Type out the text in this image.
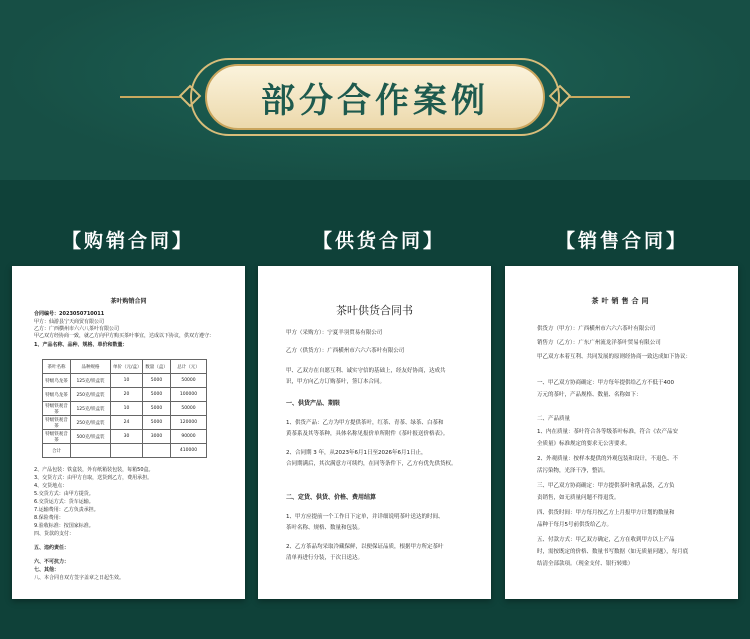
部分合作案例
【购销合同】	【供货合同】	【销售合同】
茶叶购销合同
合同编号：2023050710011
甲方：仙游县宁天商贸有限公司
乙方：广西横州市六六八茶叶有限公司
甲乙双方经协商一致，就乙方向甲方购买茶叶事宜，达成以下协议，供双方遵守：
1、产品名称、品种、规格、单价和数量：
茶叶名称	品种规格	单价（元/盒）	数量（盒）	总计（元）
特级乌龙茶	125克/铁盒装	10	5000	50000
特级乌龙茶	250克/铁盒装	20	5000	100000
特级铁观音茶	125克/铁盒装	10	5000	50000
特级铁观音茶	250克/铁盒装	24	5000	120000
特级铁观音茶	500克/铁盒装	30	3000	90000
合计				410000
2、产品包装：铁盒装，外有纸箱装包装，每箱50盒。
3、交货方式：由甲方自取，送货到乙方，费用承担。
4、交货地点：
5.交货方式：由甲方提货。
6.交货运方式：货车运输。
7.运输费用：乙方负责承担。
8.保险费用：
9.验收标准：按国家标准。
四、货款的支付：
五、违约责任：
六、不可抗力：
七、其他：
八、本合同自双方签字盖章之日起生效。
茶叶供货合同书
甲方（采购方）：宁夏羊羽贸易有限公司
乙方（供货方）：广西横州市六六六茶叶有限公司
甲、乙双方在自愿互利、诚实守信的基础上，经友好协商，达成共
识，甲方向乙方订购茶叶，签订本合同。
一、供货产品、期限
1、供货产品：乙方为甲方提供茶叶，红茶、青茶、绿茶、白茶和
黄茶系及其等茶种，具体名称见报价单所附件《茶叶报送价格表》。
2、合同期 3 年，从2023年6月1日至2026年6月1日止，
合同期满后，其次满意方可续约，在同等条件下，乙方有优先供货权。
二、定货、供货、价格、费用结算
1、甲方应提前一个工作日下定单，并详细说明茶叶送达的时间、
茶叶名称、规格、数量和包装。
2、乙方茶品均采取冷藏保鲜，以便保证品质，根据甲方所定茶叶
清单再进行分装，于次日送达。
茶叶销售合同
供货方（甲方）：广西横州市六六六茶叶有限公司
销售方（乙方）：广东广州流龙洋茶叶贸易有限公司
甲乙双方本着互利、共同发展的原则经协商一致达成如下协议：
一、甲乙双方协商确定：甲方每年提供给乙方不低于400
万元的茶叶，产品规格、数量、名称如下：
二、产品质量
1、内在质量：茶叶符合各等级茶叶标准，符合《农产品安
全质量》标准规定的要求无公害要求。
2、外观质量：按样本提供的外观包装和设计，不退色、不
活污染物，光泽干净，整洁。
三、甲乙双方协商确定：甲方提供茶叶和乳品袋，乙方负
责销售，如无质量问题不得退货。
四、供货时间：甲方每月按乙方上月报甲方计划的数量和
品种于每月5号前供货给乙方。
五、付款方式：甲乙双方确定，乙方在收到甲方以上产品
时，需按既定的价格、数量书写数据（如无质量问题），每月底
结清全部款项。（现金支付、银行转账）
